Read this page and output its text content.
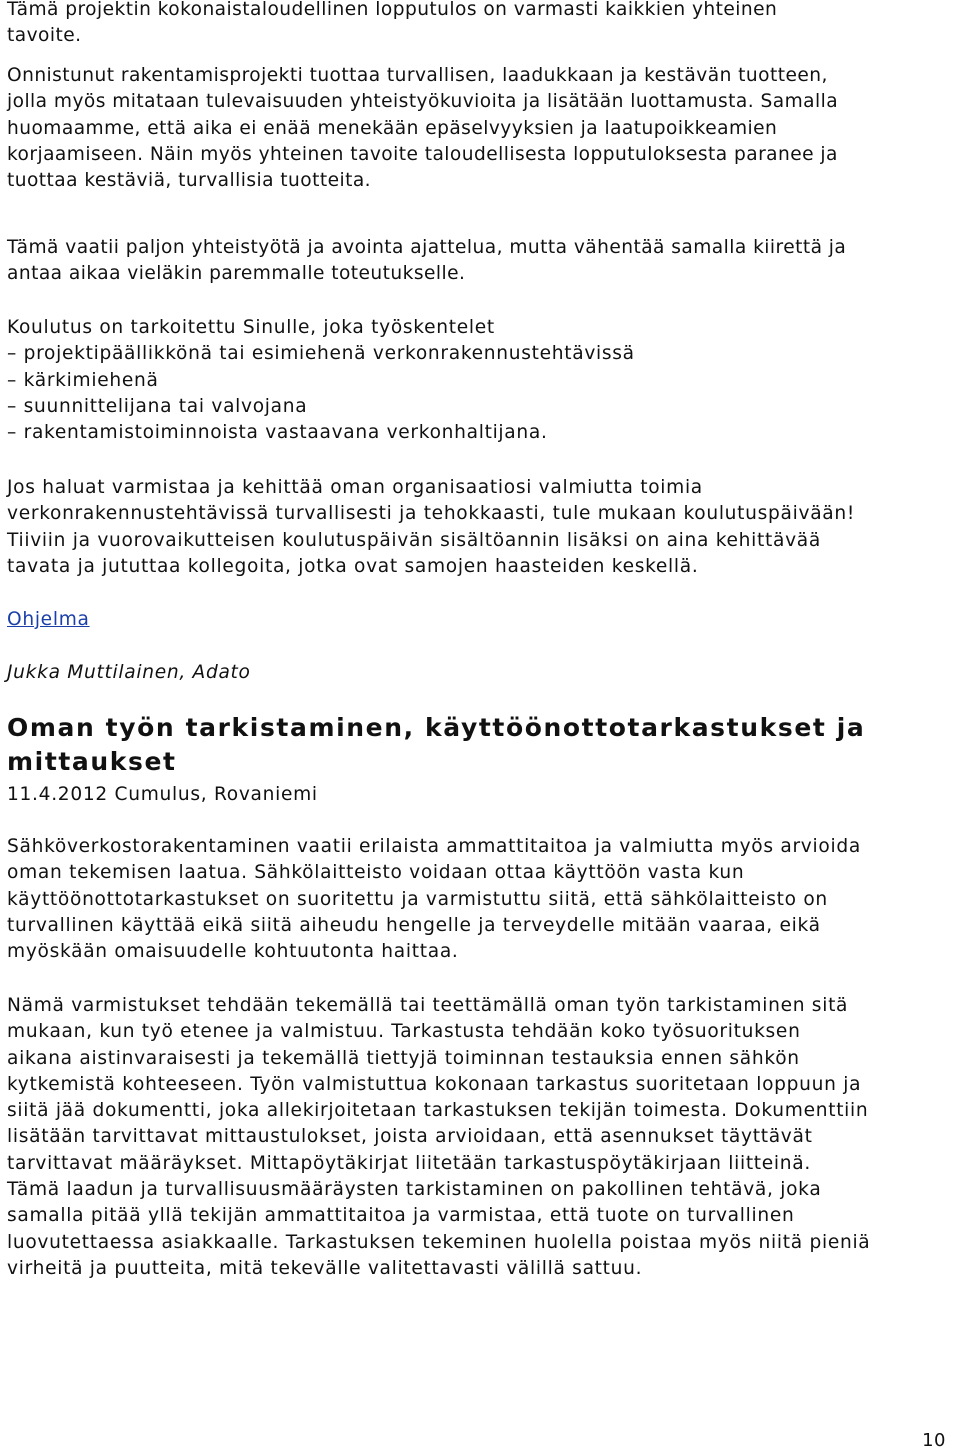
Tämä projektin kokonaistaloudellinen lopputulos on varmasti kaikkien yhteinen
tavoite.
Onnistunut rakentamisprojekti tuottaa turvallisen, laadukkaan ja kestävän tuotteen,
jolla myös mitataan tulevaisuuden yhteistyökuvioita ja lisätään luottamusta. Samalla
huomaamme, että aika ei enää menekään epäselvyyksien ja laatupoikkeamien
korjaamiseen. Näin myös yhteinen tavoite taloudellisesta lopputuloksesta paranee ja
tuottaa kestäviä, turvallisia tuotteita.
Tämä vaatii paljon yhteistyötä ja avointa ajattelua, mutta vähentää samalla kiirettä ja
antaa aikaa vieläkin paremmalle toteutukselle.
Koulutus on tarkoitettu Sinulle, joka työskentelet
– projektipäällikkönä tai esimiehenä verkonrakennustehtävissä
– kärkimiehenä
– suunnittelijana tai valvojana
– rakentamistoiminnoista vastaavana verkonhaltijana.
Jos haluat varmistaa ja kehittää oman organisaatiosi valmiutta toimia
verkonrakennustehtävissä turvallisesti ja tehokkaasti, tule mukaan koulutuspäivään!
Tiiviin ja vuorovaikutteisen koulutuspäivän sisältöannin lisäksi on aina kehittävää
tavata ja jututtaa kollegoita, jotka ovat samojen haasteiden keskellä.
Ohjelma
Jukka Muttilainen, Adato
Oman työn tarkistaminen, käyttöönottotarkastukset ja
mittaukset
11.4.2012 Cumulus, Rovaniemi
Sähköverkostorakentaminen vaatii erilaista ammattitaitoa ja valmiutta myös arvioida
oman tekemisen laatua. Sähkölaitteisto voidaan ottaa käyttöön vasta kun
käyttöönottotarkastukset on suoritettu ja varmistuttu siitä, että sähkölaitteisto on
turvallinen käyttää eikä siitä aiheudu hengelle ja terveydelle mitään vaaraa, eikä
myöskään omaisuudelle kohtuutonta haittaa.
Nämä varmistukset tehdään tekemällä tai teettämällä oman työn tarkistaminen sitä
mukaan, kun työ etenee ja valmistuu. Tarkastusta tehdään koko työsuorituksen
aikana aistinvaraisesti ja tekemällä tiettyjä toiminnan testauksia ennen sähkön
kytkemistä kohteeseen. Työn valmistuttua kokonaan tarkastus suoritetaan loppuun ja
siitä jää dokumentti, joka allekirjoitetaan tarkastuksen tekijän toimesta. Dokumenttiin
lisätään tarvittavat mittaustulokset, joista arvioidaan, että asennukset täyttävät
tarvittavat määräykset. Mittapöytäkirjat liitetään tarkastuspöytäkirjaan liitteinä.
Tämä laadun ja turvallisuusmääräysten tarkistaminen on pakollinen tehtävä, joka
samalla pitää yllä tekijän ammattitaitoa ja varmistaa, että tuote on turvallinen
luovutettaessa asiakkaalle. Tarkastuksen tekeminen huolella poistaa myös niitä pieniä
virheitä ja puutteita, mitä tekevälle valitettavasti välillä sattuu.
10
